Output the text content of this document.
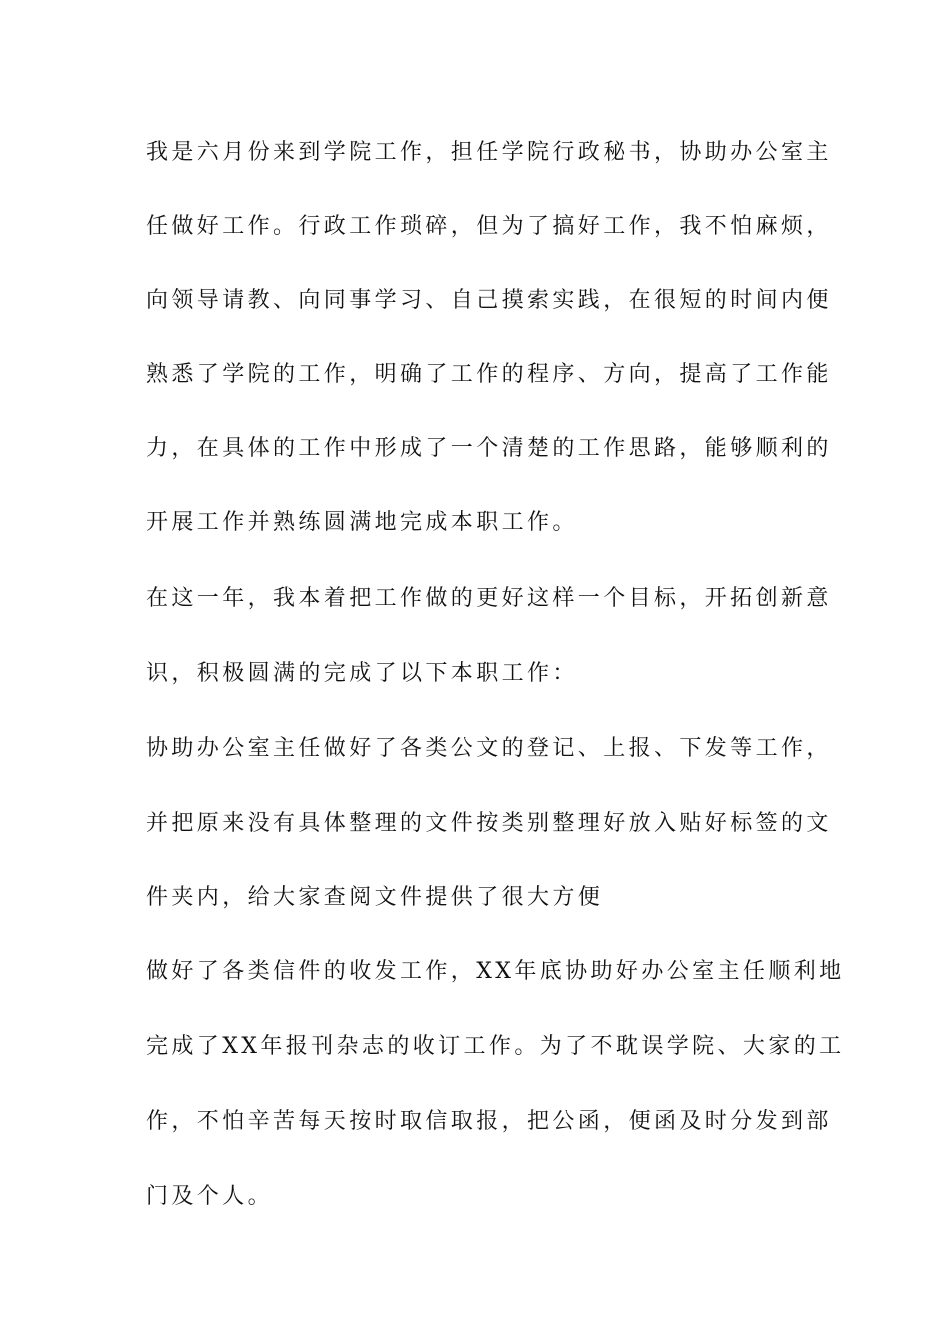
我是六月份来到学院工作，担任学院行政秘书，协助办公室主
任做好工作。行政工作琐碎，但为了搞好工作，我不怕麻烦，
向领导请教、向同事学习、自己摸索实践，在很短的时间内便
熟悉了学院的工作，明确了工作的程序、方向，提高了工作能
力，在具体的工作中形成了一个清楚的工作思路，能够顺利的
开展工作并熟练圆满地完成本职工作。
在这一年，我本着把工作做的更好这样一个目标，开拓创新意
识，积极圆满的完成了以下本职工作：
协助办公室主任做好了各类公文的登记、上报、下发等工作，
并把原来没有具体整理的文件按类别整理好放入贴好标签的文
件夹内，给大家查阅文件提供了很大方便
做好了各类信件的收发工作，XX年底协助好办公室主任顺利地
完成了XX年报刊杂志的收订工作。为了不耽误学院、大家的工
作，不怕辛苦每天按时取信取报，把公函，便函及时分发到部
门及个人。
